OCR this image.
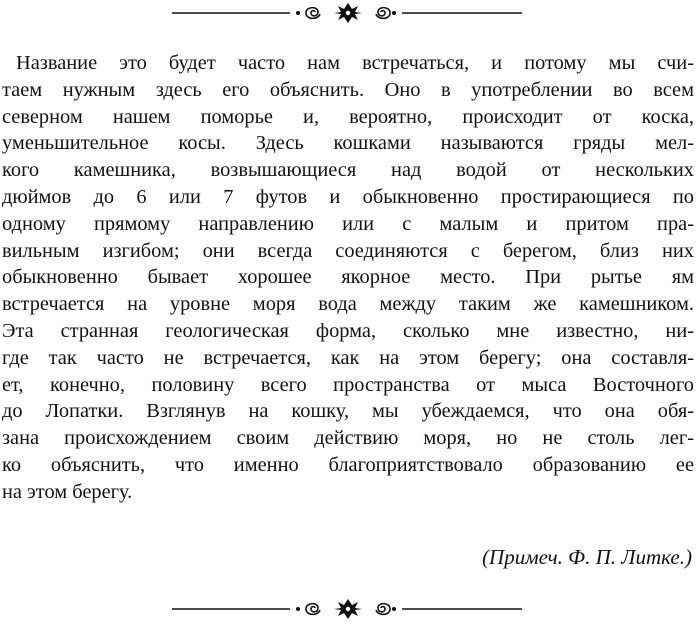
Название это будет часто нам встречаться, и потому мы счи-
таем нужным здесь его объяснить. Оно в употреблении во всем
северном нашем поморье и, вероятно, происходит от коска,
уменьшительное косы. Здесь кошками называются гряды мел-
кого камешника, возвышающиеся над водой от нескольких
дюймов до 6 или 7 футов и обыкновенно простирающиеся по
одному прямому направлению или с малым и притом пра-
вильным изгибом; они всегда соединяются с берегом, близ них
обыкновенно бывает хорошее якорное место. При рытье ям
встречается на уровне моря вода между таким же камешником.
Эта странная геологическая форма, сколько мне известно, ни-
где так часто не встречается, как на этом берегу; она составля-
ет, конечно, половину всего пространства от мыса Восточного
до Лопатки. Взглянув на кошку, мы убеждаемся, что она обя-
зана происхождением своим действию моря, но не столь лег-
ко объяснить, что именно благоприятствовало образованию ее
на этом берегу.
(Примеч. Ф. П. Литке.)
